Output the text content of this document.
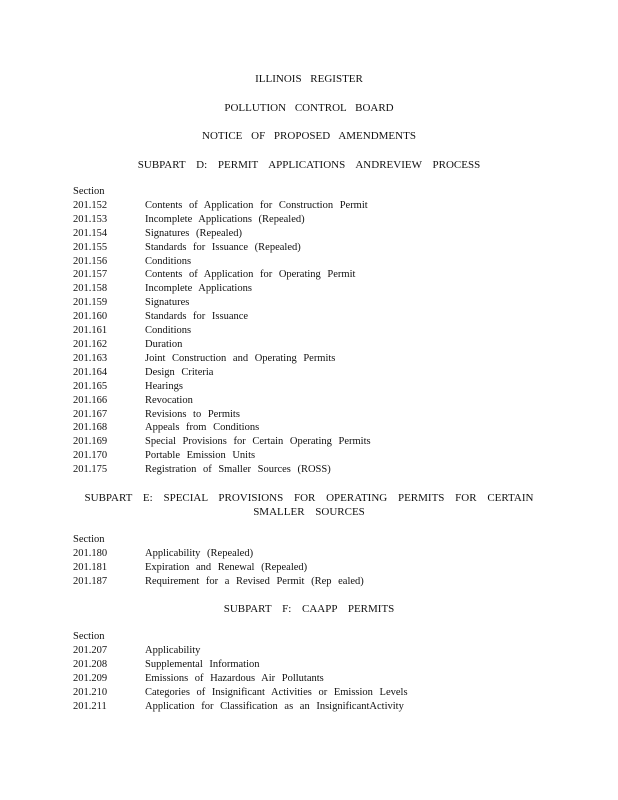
ILLINOIS REGISTER
POLLUTION CONTROL BOARD
NOTICE OF PROPOSED AMENDMENTS
SUBPART D: PERMIT APPLICATIONS ANDREVIEW PROCESS
Section
201.152	Contents of Application for Construction Permit
201.153	Incomplete Applications (Repealed)
201.154	Signatures (Repealed)
201.155	Standards for Issuance (Repealed)
201.156	Conditions
201.157	Contents of Application for Operating Permit
201.158	Incomplete Applications
201.159	Signatures
201.160	Standards for Issuance
201.161	Conditions
201.162	Duration
201.163	Joint Construction and Operating Permits
201.164	Design Criteria
201.165	Hearings
201.166	Revocation
201.167	Revisions to Permits
201.168	Appeals from Conditions
201.169	Special Provisions for Certain Operating Permits
201.170	Portable Emission Units
201.175	Registration of Smaller Sources (ROSS)
SUBPART E: SPECIAL PROVISIONS FOR OPERATING PERMITS FOR CERTAIN
SMALLER SOURCES
Section
201.180	Applicability (Repealed)
201.181	Expiration and Renewal (Repealed)
201.187	Requirement for a Revised Permit (Rep ealed)
SUBPART F: CAAPP PERMITS
Section
201.207	Applicability
201.208	Supplemental Information
201.209	Emissions of Hazardous Air Pollutants
201.210	Categories of Insignificant Activities or Emission Levels
201.211	Application for Classification as an InsignificantActivity
